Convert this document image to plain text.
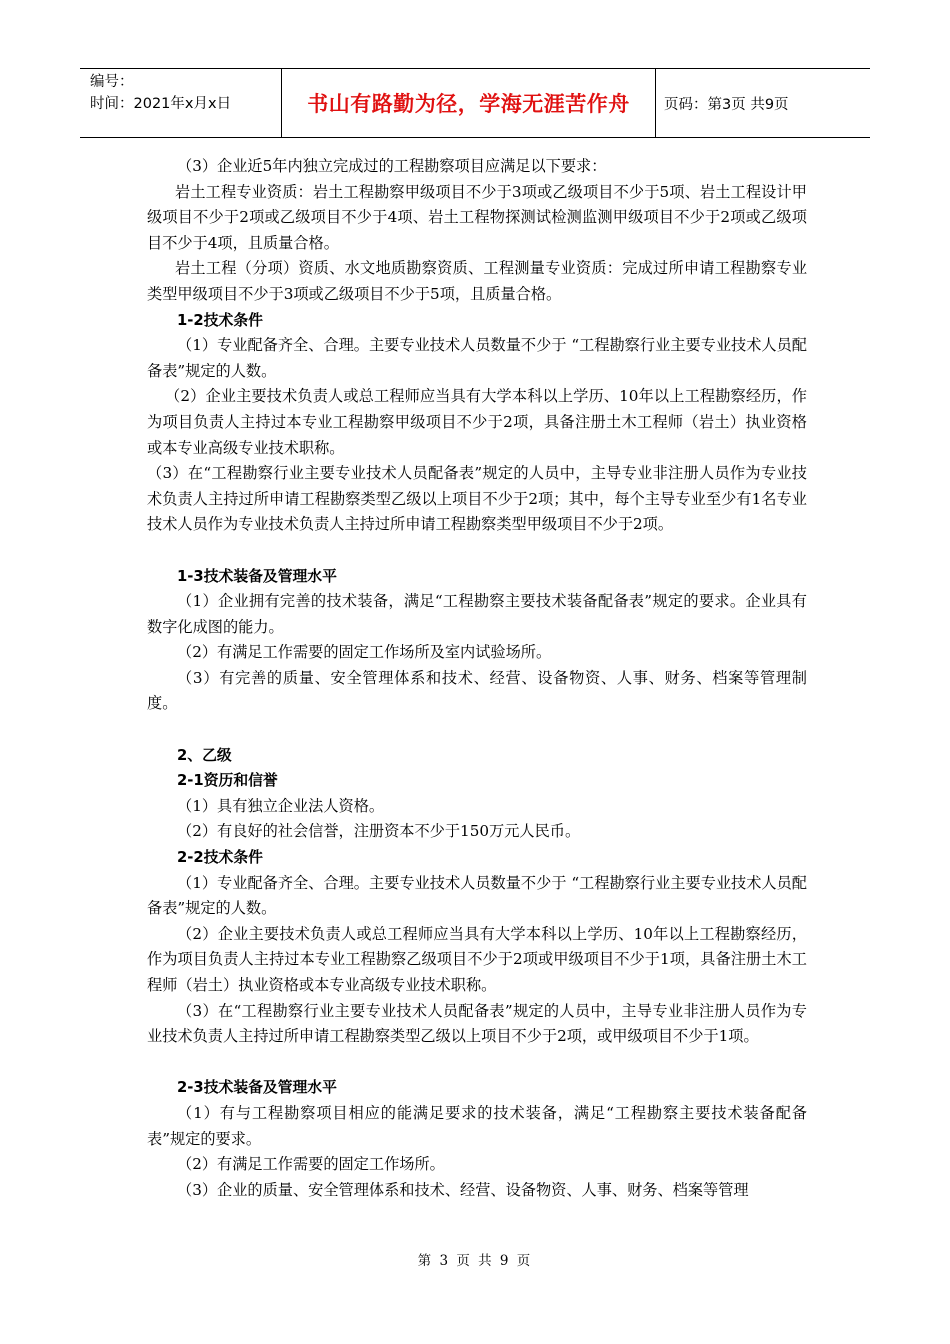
编号：
时间：2021年x月x日	书山有路勤为径，学海无涯苦作舟	页码：第3页 共9页

（3）企业近5年内独立完成过的工程勘察项目应满足以下要求：

岩土工程专业资质：岩土工程勘察甲级项目不少于3项或乙级项目不少于5项、岩土工程设计甲级项目不少于2项或乙级项目不少于4项、岩土工程物探测试检测监测甲级项目不少于2项或乙级项目不少于4项，且质量合格。

岩土工程（分项）资质、水文地质勘察资质、工程测量专业资质：完成过所申请工程勘察专业类型甲级项目不少于3项或乙级项目不少于5项，且质量合格。

1-2技术条件

（1）专业配备齐全、合理。主要专业技术人员数量不少于 “工程勘察行业主要专业技术人员配备表”规定的人数。

（2）企业主要技术负责人或总工程师应当具有大学本科以上学历、10年以上工程勘察经历，作为项目负责人主持过本专业工程勘察甲级项目不少于2项，具备注册土木工程师（岩土）执业资格或本专业高级专业技术职称。

（3）在“工程勘察行业主要专业技术人员配备表”规定的人员中，主导专业非注册人员作为专业技术负责人主持过所申请工程勘察类型乙级以上项目不少于2项；其中，每个主导专业至少有1名专业技术人员作为专业技术负责人主持过所申请工程勘察类型甲级项目不少于2项。

1-3技术装备及管理水平

（1）企业拥有完善的技术装备，满足“工程勘察主要技术装备配备表”规定的要求。企业具有数字化成图的能力。

（2）有满足工作需要的固定工作场所及室内试验场所。

（3）有完善的质量、安全管理体系和技术、经营、设备物资、人事、财务、档案等管理制度。

2、乙级

2-1资历和信誉

（1）具有独立企业法人资格。

（2）有良好的社会信誉，注册资本不少于150万元人民币。

2-2技术条件

（1）专业配备齐全、合理。主要专业技术人员数量不少于 “工程勘察行业主要专业技术人员配备表”规定的人数。

（2）企业主要技术负责人或总工程师应当具有大学本科以上学历、10年以上工程勘察经历，作为项目负责人主持过本专业工程勘察乙级项目不少于2项或甲级项目不少于1项，具备注册土木工程师（岩土）执业资格或本专业高级专业技术职称。

（3）在“工程勘察行业主要专业技术人员配备表”规定的人员中，主导专业非注册人员作为专业技术负责人主持过所申请工程勘察类型乙级以上项目不少于2项，或甲级项目不少于1项。

2-3技术装备及管理水平

（1）有与工程勘察项目相应的能满足要求的技术装备，满足“工程勘察主要技术装备配备表”规定的要求。

（2）有满足工作需要的固定工作场所。

（3）企业的质量、安全管理体系和技术、经营、设备物资、人事、财务、档案等管理

第 3 页 共 9 页
